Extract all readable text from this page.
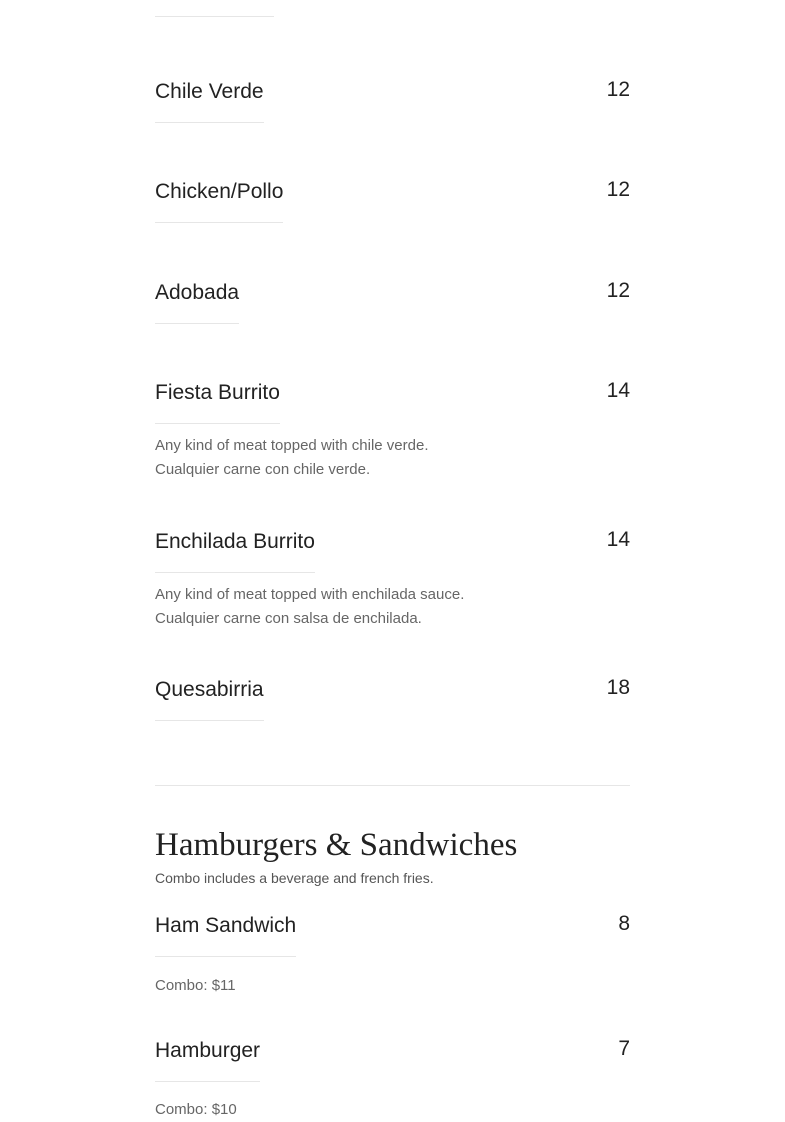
Chile Verde	12
Chicken/Pollo	12
Adobada	12
Fiesta Burrito	14
Any kind of meat topped with chile verde.
Cualquier carne con chile verde.
Enchilada Burrito	14
Any kind of meat topped with enchilada sauce.
Cualquier carne con salsa de enchilada.
Quesabirria	18
Hamburgers & Sandwiches
Combo includes a beverage and french fries.
Ham Sandwich	8
Combo: $11
Hamburger	7
Combo: $10
